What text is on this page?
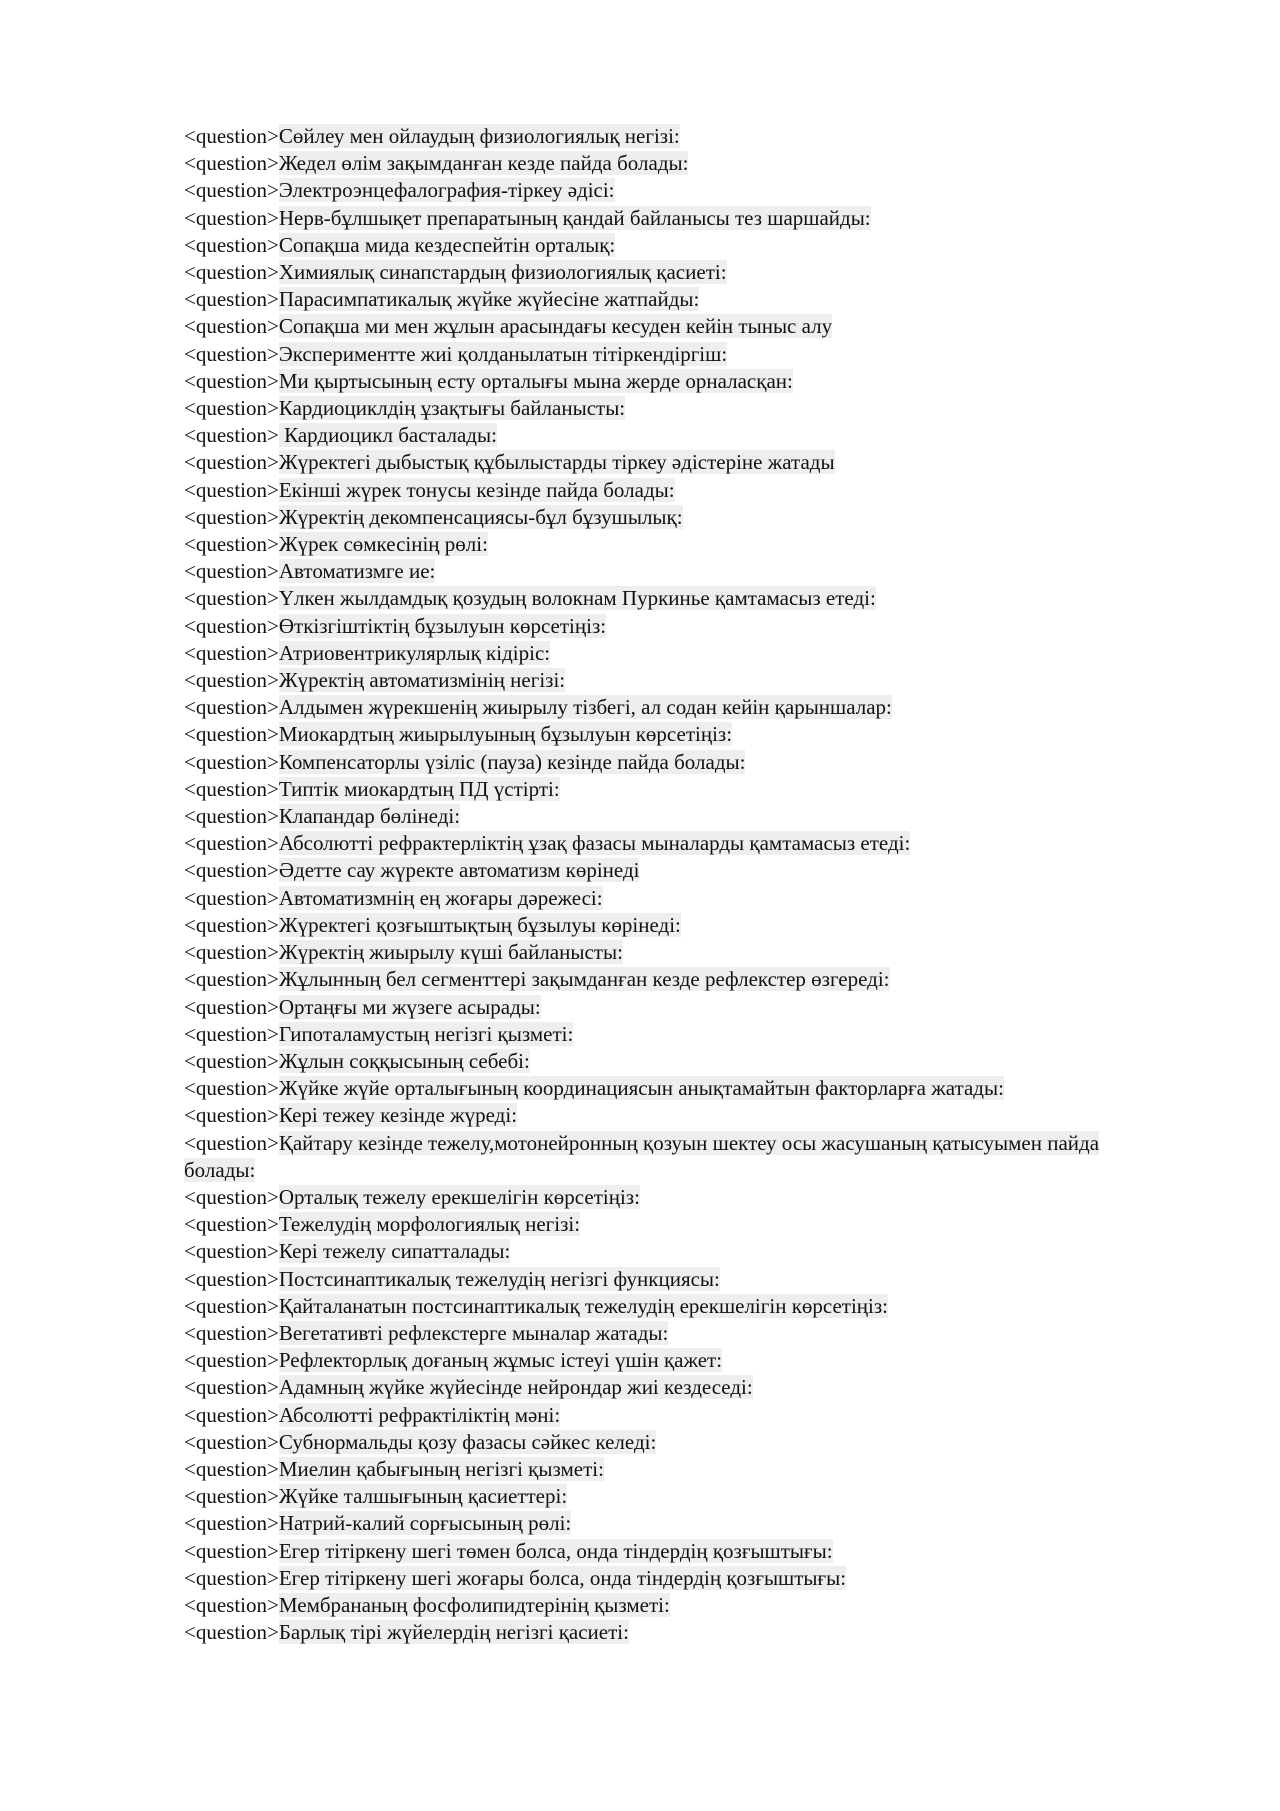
<question>Сөйлеу мен ойлаудың физиологиялық негізі:
<question>Жедел өлім зақымданған кезде пайда болады:
<question>Электроэнцефалография-тіркеу әдісі:
<question>Нерв-бұлшықет препаратының қандай байланысы тез шаршайды:
<question>Сопақша мида кездеспейтін орталық:
<question>Химиялық синапстардың физиологиялық қасиеті:
<question>Парасимпатикалық жүйке жүйесіне жатпайды:
<question>Сопақша ми мен жұлын арасындағы кесуден кейін тыныс алу
<question>Экспериментте жиі қолданылатын тітіркендіргіш:
<question>Ми қыртысының есту орталығы мына жерде орналасқан:
<question>Кардиоциклдің ұзақтығы байланысты:
<question> Кардиоцикл басталады:
<question>Жүректегі дыбыстық құбылыстарды тіркеу әдістеріне жатады
<question>Екінші жүрек тонусы кезінде пайда болады:
<question>Жүректің декомпенсациясы-бұл бұзушылық:
<question>Жүрек сөмкесінің рөлі:
<question>Автоматизмге ие:
<question>Үлкен жылдамдық қозудың волокнам Пуркинье қамтамасыз етеді:
<question>Өткізгіштіктің бұзылуын көрсетіңіз:
<question>Атриовентрикулярлық кідіріс:
<question>Жүректің автоматизмінің негізі:
<question>Алдымен жүрекшенің жиырылу тізбегі, ал содан кейін қарыншалар:
<question>Миокардтың жиырылуының бұзылуын көрсетіңіз:
<question>Компенсаторлы үзіліс (пауза) кезінде пайда болады:
<question>Типтік миокардтың ПД үстірті:
<question>Клапандар бөлінеді:
<question>Абсолютті рефрактерліктің ұзақ фазасы мыналарды қамтамасыз етеді:
<question>Әдетте сау жүректе автоматизм көрінеді
<question>Автоматизмнің ең жоғары дәрежесі:
<question>Жүректегі қозғыштықтың бұзылуы көрінеді:
<question>Жүректің жиырылу күші байланысты:
<question>Жұлынның бел сегменттері зақымданған кезде рефлекстер өзгереді:
<question>Ортаңғы ми жүзеге асырады:
<question>Гипоталамустың негізгі қызметі:
<question>Жұлын соққысының себебі:
<question>Жүйке жүйе орталығының координациясын анықтамайтын факторларға жатады:
<question>Кері тежеу кезінде жүреді:
<question>Қайтару кезінде тежелу,мотонейронның қозуын шектеу осы жасушаның қатысуымен пайда болады:
<question>Орталық тежелу ерекшелігін көрсетіңіз:
<question>Тежелудің морфологиялық негізі:
<question>Кері тежелу сипатталады:
<question>Постсинаптикалық тежелудің негізгі функциясы:
<question>Қайталанатын постсинаптикалық тежелудің ерекшелігін көрсетіңіз:
<question>Вегетативті рефлекстерге мыналар жатады:
<question>Рефлекторлық доғаның жұмыс істеуі үшін қажет:
<question>Адамның жүйке жүйесінде нейрондар жиі кездеседі:
<question>Абсолютті рефрактіліктің мәні:
<question>Субнормальды қозу фазасы сәйкес келеді:
<question>Миелин қабығының негізгі қызметі:
<question>Жүйке талшығының қасиеттері:
<question>Натрий-калий сорғысының рөлі:
<question>Егер тітіркену шегі төмен болса, онда тіндердің қозғыштығы:
<question>Егер тітіркену шегі жоғары болса, онда тіндердің қозғыштығы:
<question>Мембрананың фосфолипидтерінің қызметі:
<question>Барлық тірі жүйелердің негізгі қасиеті:
